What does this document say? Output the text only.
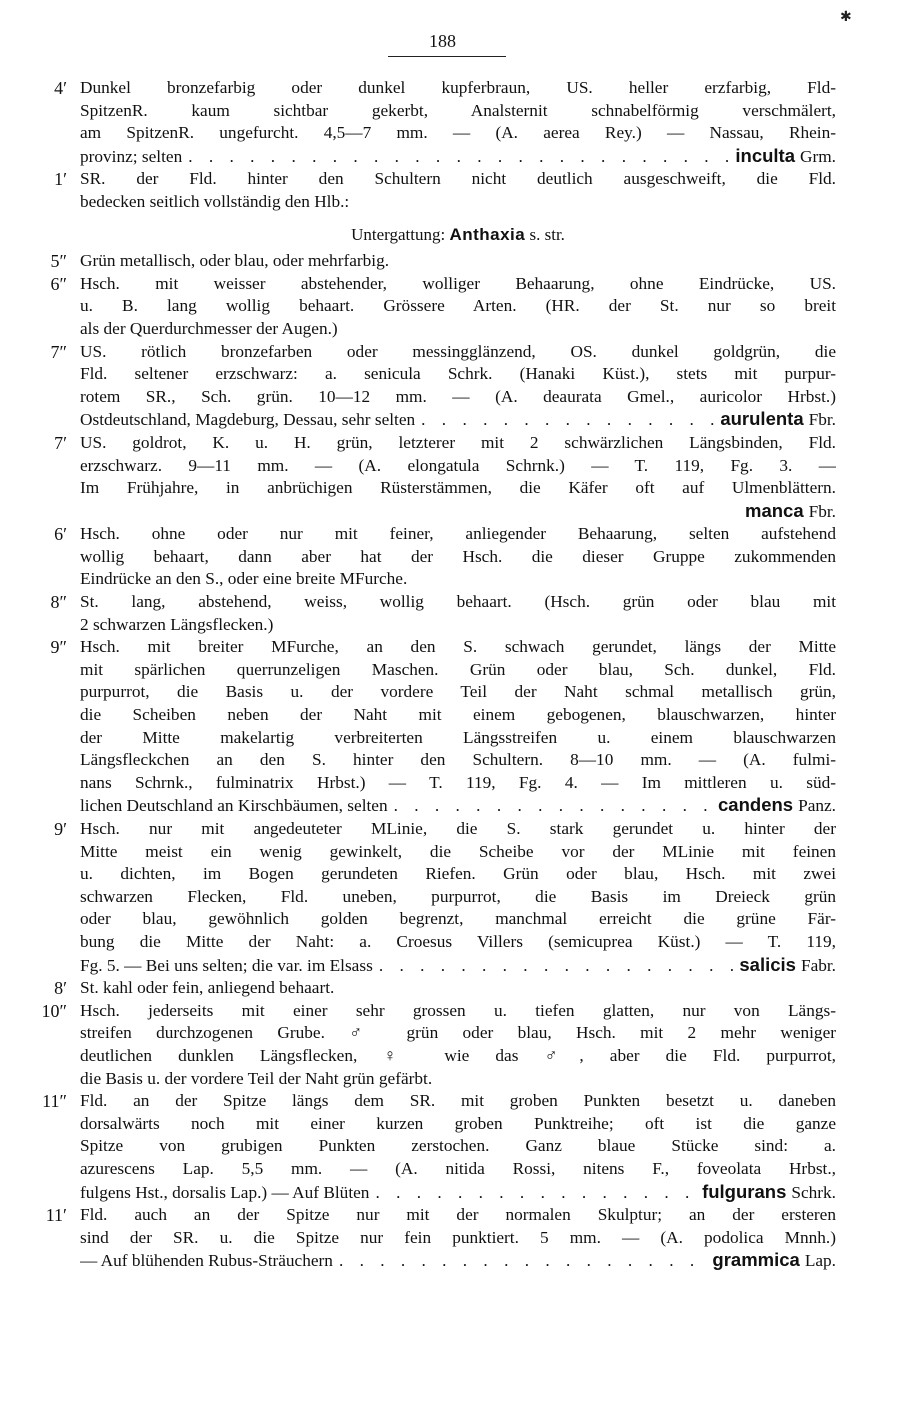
✱
188
4′ Dunkel bronzefarbig oder dunkel kupferbraun, US. heller erzfarbig, Fld-
SpitzenR. kaum sichtbar gekerbt, Analsternit schnabelförmig verschmälert,
am SpitzenR. ungefurcht. 4,5—7 mm. — (A. aerea Rey.) — Nassau, Rhein-
provinz; selten . . .	inculta Grm.
1′ SR. der Fld. hinter den Schultern nicht deutlich ausgeschweift, die Fld.
bedecken seitlich vollständig den Hlb.:
Untergattung: Anthaxia s. str.
5″ Grün metallisch, oder blau, oder mehrfarbig.
6″ Hsch. mit weisser abstehender, wolliger Behaarung, ohne Eindrücke, US.
u. B. lang wollig behaart. Grössere Arten. (HR. der St. nur so breit
als der Querdurchmesser der Augen.)
7″ US. rötlich bronzefarben oder messingglänzend, OS. dunkel goldgrün, die
Fld. seltener erzschwarz: a. senicula Schrk. (Hanaki Küst.), stets mit purpur-
rotem SR., Sch. grün. 10—12 mm. — (A. deaurata Gmel., auricolor Hrbst.)
Ostdeutschland, Magdeburg, Dessau, sehr selten . . .	aurulenta Fbr.
7′ US. goldrot, K. u. H. grün, letzterer mit 2 schwärzlichen Längsbinden, Fld.
erzschwarz. 9—11 mm. — (A. elongatula Schrnk.) — T. 119, Fg. 3. —
Im Frühjahre, in anbrüchigen Rüsterstämmen, die Käfer oft auf Ulmenblättern.
manca Fbr.
6′ Hsch. ohne oder nur mit feiner, anliegender Behaarung, selten aufstehend
wollig behaart, dann aber hat der Hsch. die dieser Gruppe zukommenden
Eindrücke an den S., oder eine breite MFurche.
8″ St. lang, abstehend, weiss, wollig behaart. (Hsch. grün oder blau mit
2 schwarzen Längsflecken.)
9″ Hsch. mit breiter MFurche, an den S. schwach gerundet, längs der Mitte
mit spärlichen querrunzeligen Maschen. Grün oder blau, Sch. dunkel, Fld.
purpurrot, die Basis u. der vordere Teil der Naht schmal metallisch grün,
die Scheiben neben der Naht mit einem gebogenen, blauschwarzen, hinter
der Mitte makelartig verbreiterten Längsstreifen u. einem blauschwarzen
Längsfleckchen an den S. hinter den Schultern. 8—10 mm. — (A. fulmi-
nans Schrnk., fulminatrix Hrbst.) — T. 119, Fg. 4. — Im mittleren u. süd-
lichen Deutschland an Kirschbäumen, selten . . .	candens Panz.
9′ Hsch. nur mit angedeuteter MLinie, die S. stark gerundet u. hinter der
Mitte meist ein wenig gewinkelt, die Scheibe vor der MLinie mit feinen
u. dichten, im Bogen gerundeten Riefen. Grün oder blau, Hsch. mit zwei
schwarzen Flecken, Fld. uneben, purpurrot, die Basis im Dreieck grün
oder blau, gewöhnlich golden begrenzt, manchmal erreicht die grüne Fär-
bung die Mitte der Naht: a. Croesus Villers (semicuprea Küst.) — T. 119,
Fg. 5. — Bei uns selten; die var. im Elsass . . .	salicis Fabr.
8′ St. kahl oder fein, anliegend behaart.
10″ Hsch. jederseits mit einer sehr grossen u. tiefen glatten, nur von Längs-
streifen durchzogenen Grube. ♂ grün oder blau, Hsch. mit 2 mehr weniger
deutlichen dunklen Längsflecken, ♀ wie das ♂, aber die Fld. purpurrot,
die Basis u. der vordere Teil der Naht grün gefärbt.
11″ Fld. an der Spitze längs dem SR. mit groben Punkten besetzt u. daneben
dorsalwärts noch mit einer kurzen groben Punktreihe; oft ist die ganze
Spitze von grubigen Punkten zerstochen. Ganz blaue Stücke sind: a.
azurescens Lap. 5,5 mm. — (A. nitida Rossi, nitens F., foveolata Hrbst.,
fulgens Hst., dorsalis Lap.) — Auf Blüten . . .	fulgurans Schrk.
11′ Fld. auch an der Spitze nur mit der normalen Skulptur; an der ersteren
sind der SR. u. die Spitze nur fein punktiert. 5 mm. — (A. podolica Mnnh.)
— Auf blühenden Rubus-Sträuchern . . .	grammica Lap.
